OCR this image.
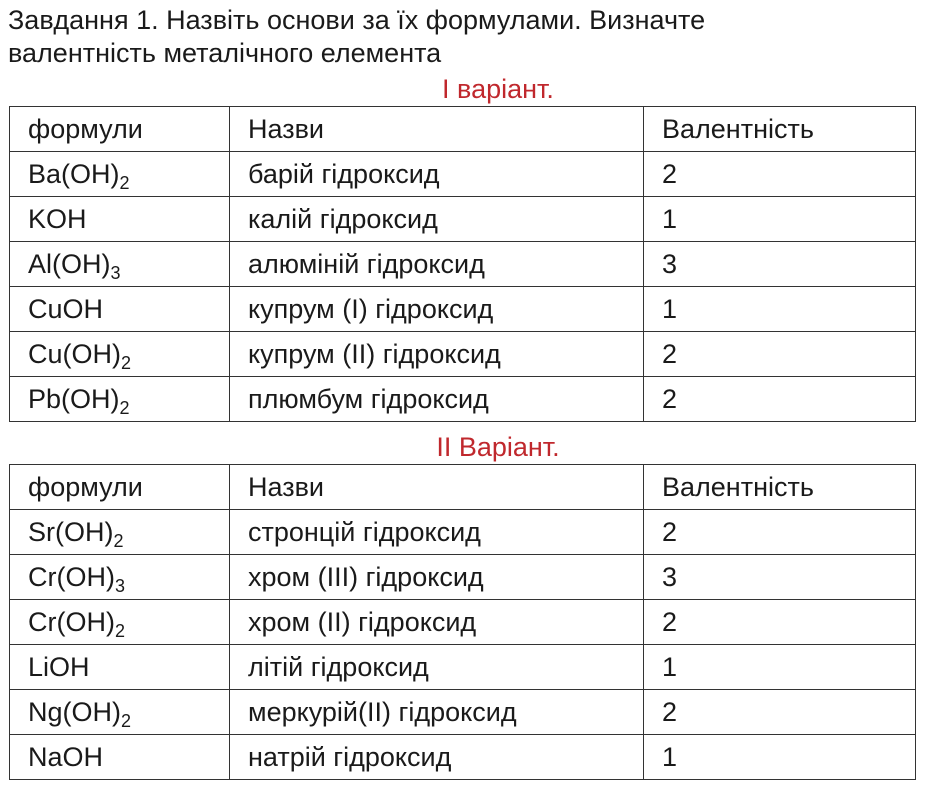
Завдання 1. Назвіть основи за їх формулами. Визначте
валентність металічного елемента
І варіант.
формули	Назви	Валентність
$Ba(OH)_2$	барій гідроксид	2
KOH	калій гідроксид	1
$Al(OH)_3$	алюміній гідроксид	3
CuOH	купрум (І) гідроксид	1
$Cu(OH)_2$	купрум (ІІ) гідроксид	2
$Pb(OH)_2$	плюмбум гідроксид	2
ІІ Варіант.
формули	Назви	Валентність
$Sr(OH)_2$	стронцій гідроксид	2
$Cr(OH)_3$	хром (ІІІ) гідроксид	3
$Cr(OH)_2$	хром (ІІ) гідроксид	2
LiOH	літій гідроксид	1
$Ng(OH)_2$	меркурій(ІІ) гідроксид	2
NaOH	натрій гідроксид	1
